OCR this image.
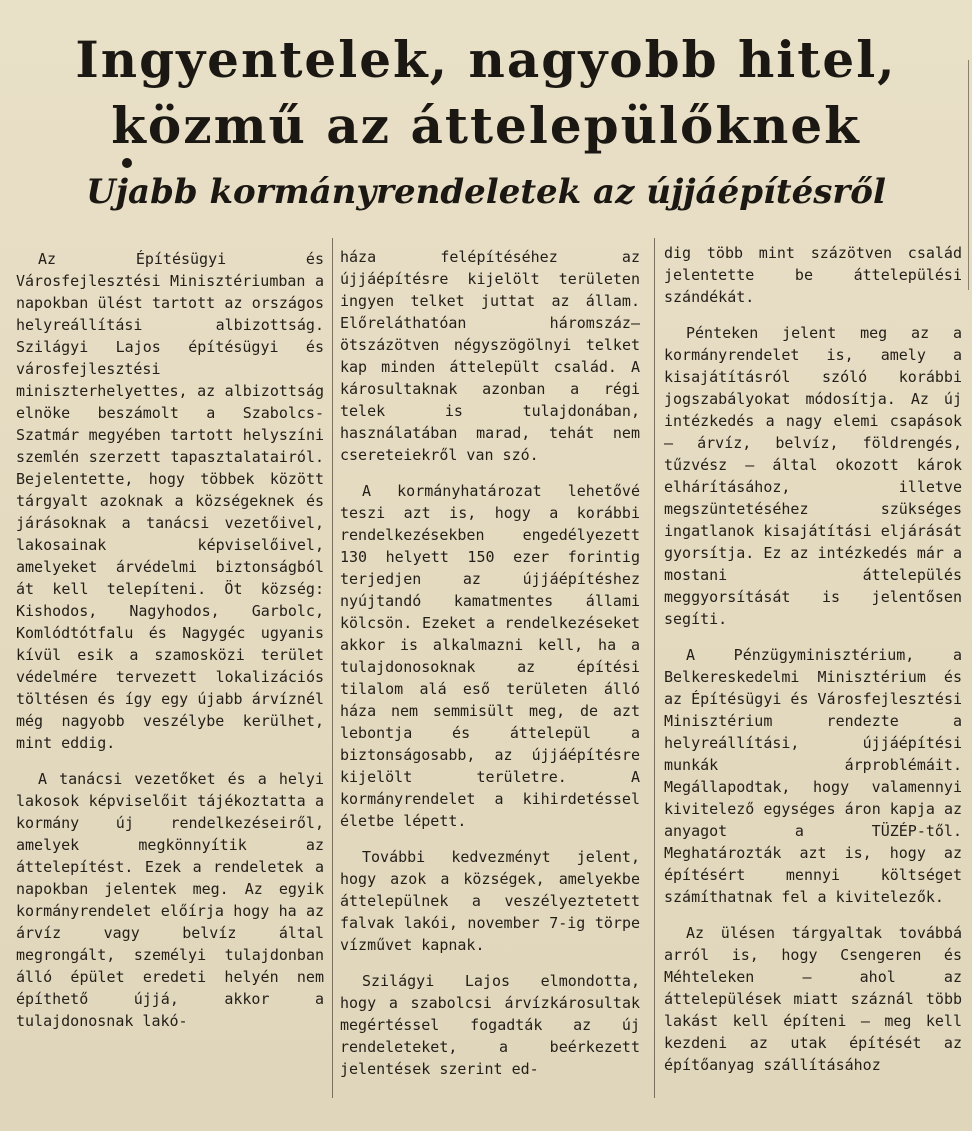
Ingyentelek, nagyobb hitel,
közmű az áttelepülőknek
Ujabb kormányrendeletek az újjáépítésről

Az Építésügyi és Városfejlesztési Minisztériumban a napokban ülést tartott az országos helyreállítási albizottság. Szilágyi Lajos építésügyi és városfejlesztési miniszterhelyettes, az albizottság elnöke beszámolt a Szabolcs-Szatmár megyében tartott helyszíni szemlén szerzett tapasztalatairól. Bejelentette, hogy többek között tárgyalt azoknak a községeknek és járásoknak a tanácsi vezetőivel, lakosainak képviselőivel, amelyeket árvédelmi biztonságból át kell telepíteni. Öt község: Kishodos, Nagyhodos, Garbolc, Komlódtótfalu és Nagygéc ugyanis kívül esik a szamosközi terület védelmére tervezett lokalizációs töltésen és így egy újabb árvíznél még nagyobb veszélybe kerülhet, mint eddig.

A tanácsi vezetőket és a helyi lakosok képviselőit tájékoztatta a kormány új rendelkezéseiről, amelyek megkönnyítik az áttelepítést. Ezek a rendeletek a napokban jelentek meg. Az egyik kormányrendelet előírja hogy ha az árvíz vagy belvíz által megrongált, személyi tulajdonban álló épület eredeti helyén nem építhető újjá, akkor a tulajdonosnak lakó-

háza felépítéséhez az újjáépítésre kijelölt területen ingyen telket juttat az állam. Előreláthatóan háromszáz—ötszázötven négyszögölnyi telket kap minden áttelepült család. A károsultaknak azonban a régi telek is tulajdonában, használatában marad, tehát nem csereteiekről van szó.

A kormányhatározat lehetővé teszi azt is, hogy a korábbi rendelkezésekben engedélyezett 130 helyett 150 ezer forintig terjedjen az újjáépítéshez nyújtandó kamatmentes állami kölcsön. Ezeket a rendelkezéseket akkor is alkalmazni kell, ha a tulajdonosoknak az építési tilalom alá eső területen álló háza nem semmisült meg, de azt lebontja és áttelepül a biztonságosabb, az újjáépítésre kijelölt területre. A kormányrendelet a kihirdetéssel életbe lépett.

További kedvezményt jelent, hogy azok a községek, amelyekbe áttelepülnek a veszélyeztetett falvak lakói, november 7-ig törpe vízművet kapnak.

Szilágyi Lajos elmondotta, hogy a szabolcsi árvízkárosultak megértéssel fogadták az új rendeleteket, a beérkezett jelentések szerint ed-

dig több mint százötven család jelentette be áttelepülési szándékát.

Pénteken jelent meg az a kormányrendelet is, amely a kisajátításról szóló korábbi jogszabályokat módosítja. Az új intézkedés a nagy elemi csapások — árvíz, belvíz, földrengés, tűzvész — által okozott károk elhárításához, illetve megszüntetéséhez szükséges ingatlanok kisajátítási eljárását gyorsítja. Ez az intézkedés már a mostani áttelepülés meggyorsítását is jelentősen segíti.

A Pénzügyminisztérium, a Belkereskedelmi Minisztérium és az Építésügyi és Városfejlesztési Minisztérium rendezte a helyreállítási, újjáépítési munkák árproblémáit. Megállapodtak, hogy valamennyi kivitelező egységes áron kapja az anyagot a TÜZÉP-től. Meghatározták azt is, hogy az építésért mennyi költséget számíthatnak fel a kivitelezők.

Az ülésen tárgyaltak továbbá arról is, hogy Csengeren és Méhteleken — ahol az áttelepülések miatt száznál több lakást kell építeni — meg kell kezdeni az utak építését az építőanyag szállításához
